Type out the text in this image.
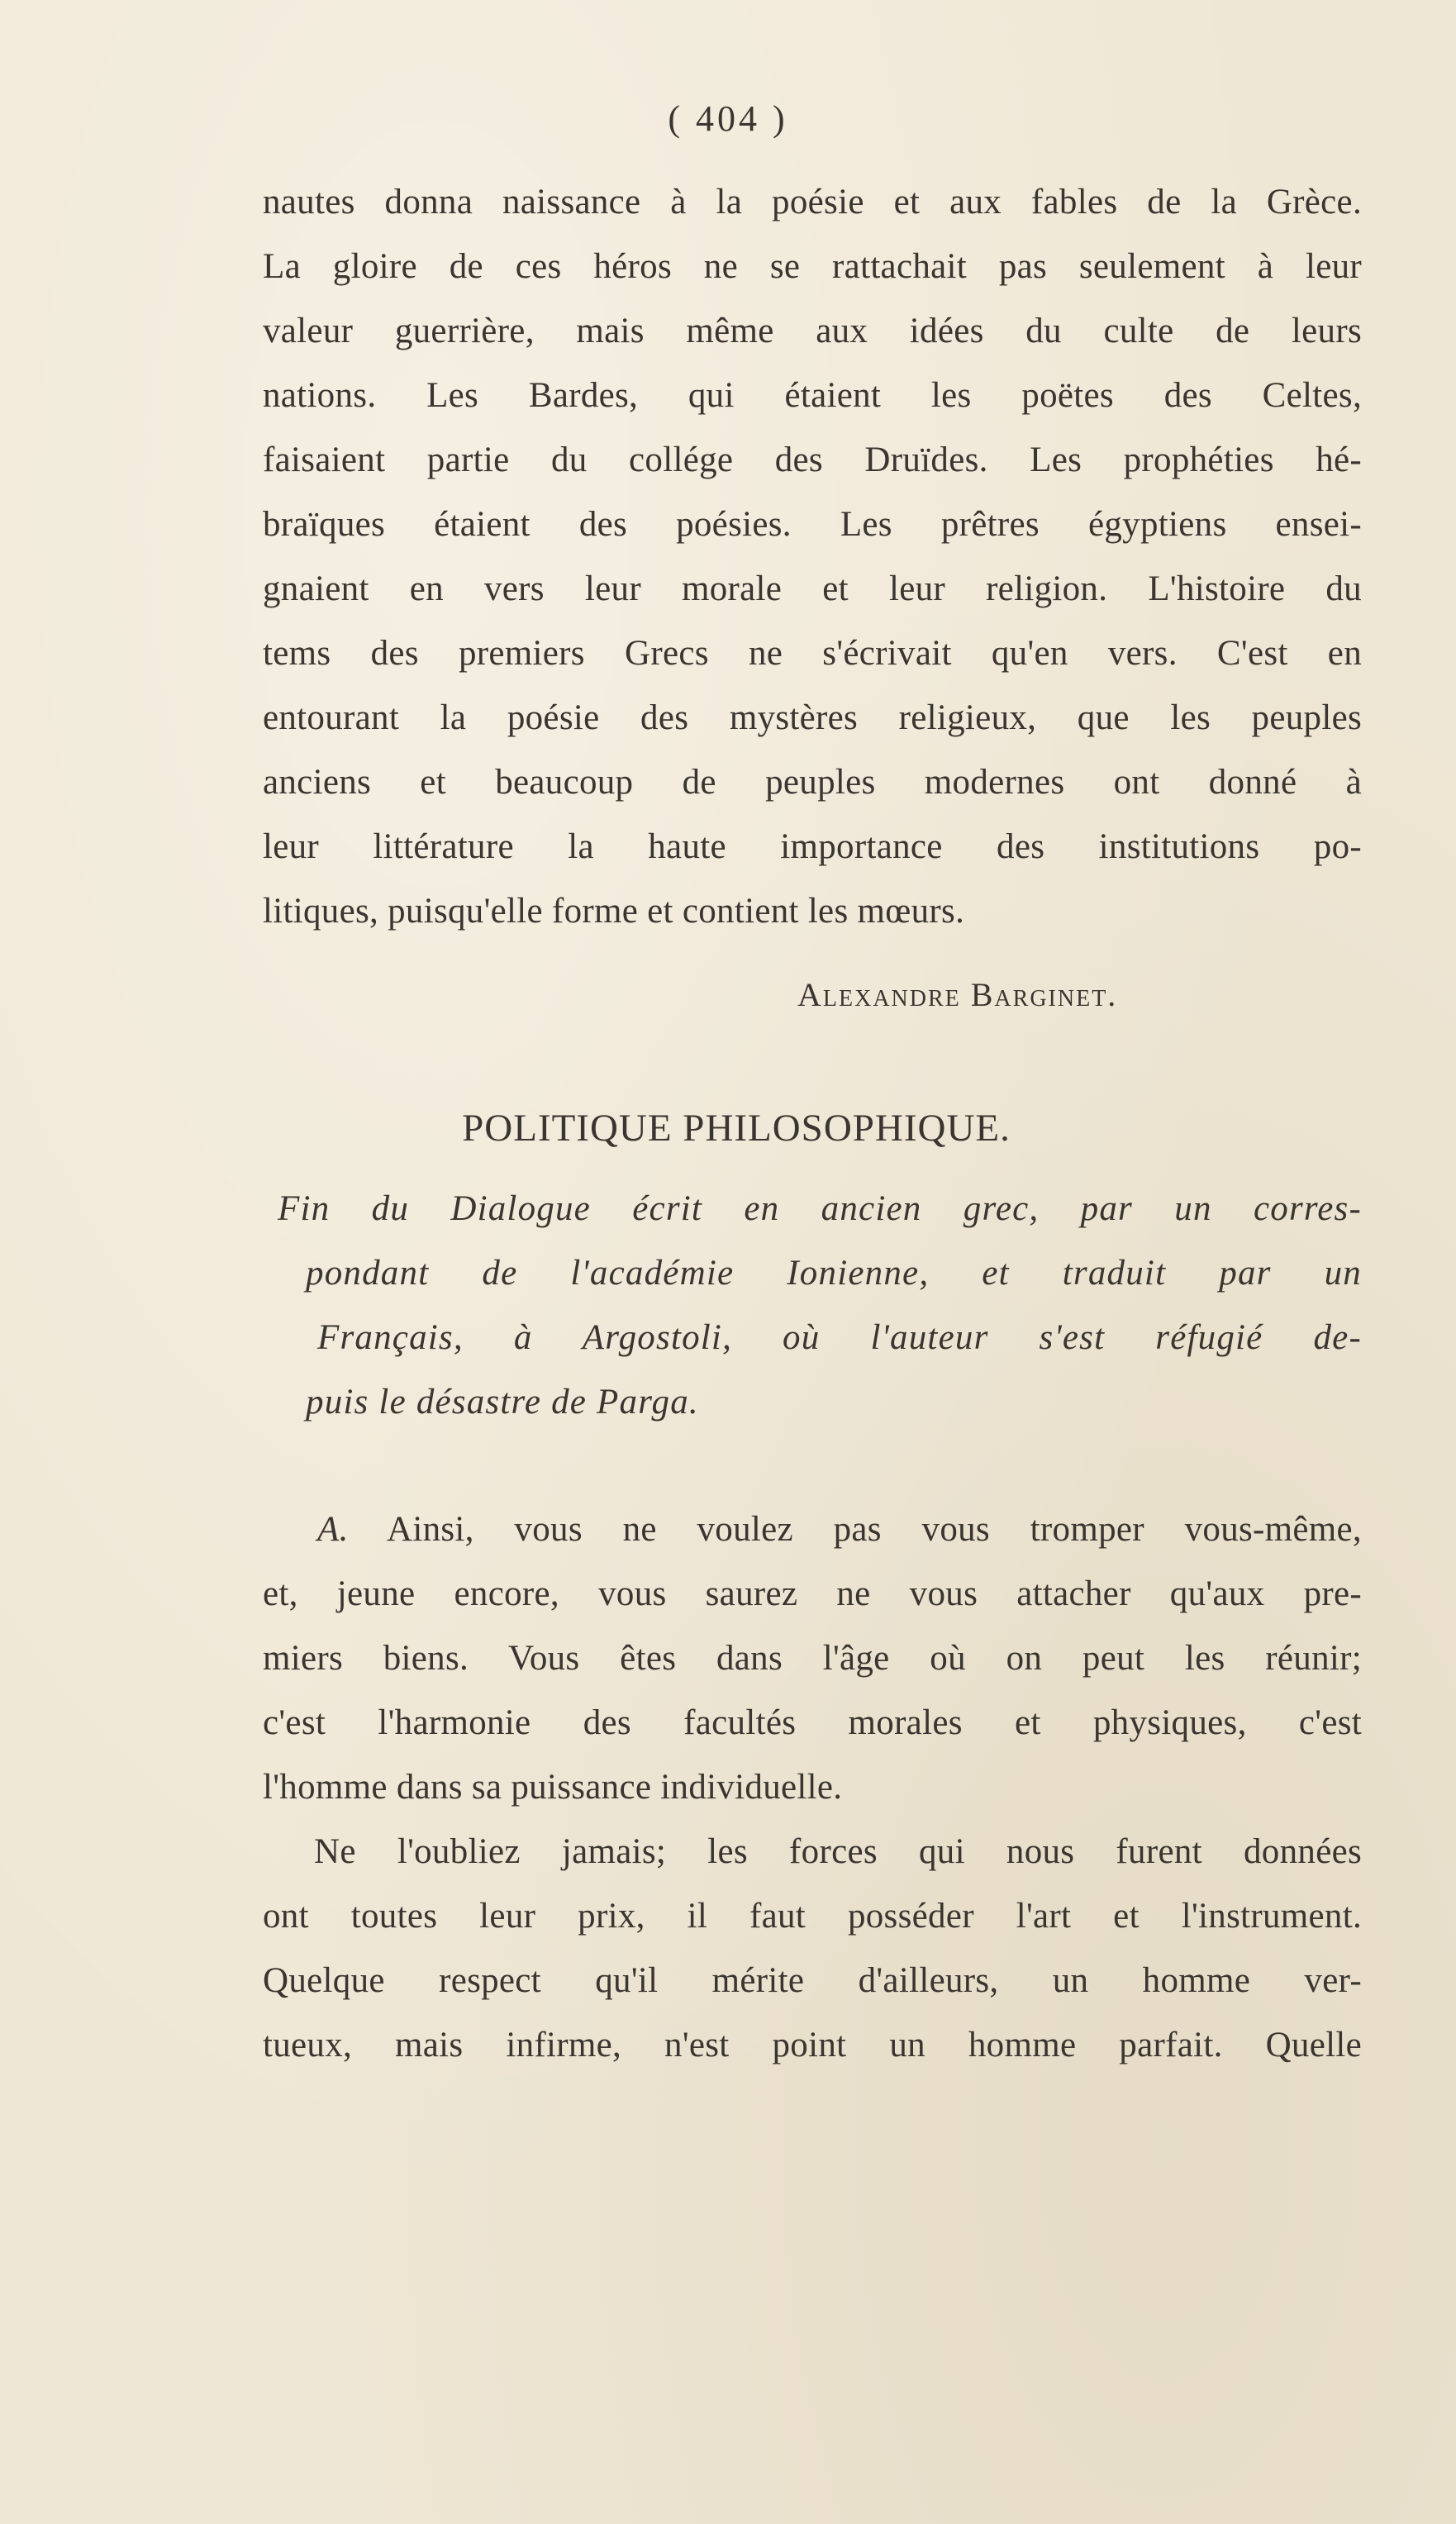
( 404 )
nautes donna naissance à la poésie et aux fables de la Grèce.
La gloire de ces héros ne se rattachait pas seulement à leur
valeur guerrière, mais même aux idées du culte de leurs
nations. Les Bardes, qui étaient les poëtes des Celtes,
faisaient partie du collége des Druïdes. Les prophéties hé-
braïques étaient des poésies. Les prêtres égyptiens ensei-
gnaient en vers leur morale et leur religion. L'histoire du
tems des premiers Grecs ne s'écrivait qu'en vers. C'est en
entourant la poésie des mystères religieux, que les peuples
anciens et beaucoup de peuples modernes ont donné à
leur littérature la haute importance des institutions po-
litiques, puisqu'elle forme et contient les mœurs.
Alexandre Barginet.
POLITIQUE PHILOSOPHIQUE.
Fin du Dialogue écrit en ancien grec, par un corres-
pondant de l'académie Ionienne, et traduit par un
Français, à Argostoli, où l'auteur s'est réfugié de-
puis le désastre de Parga.
A. Ainsi, vous ne voulez pas vous tromper vous-même,
et, jeune encore, vous saurez ne vous attacher qu'aux pre-
miers biens. Vous êtes dans l'âge où on peut les réunir;
c'est l'harmonie des facultés morales et physiques, c'est
l'homme dans sa puissance individuelle.
Ne l'oubliez jamais; les forces qui nous furent données
ont toutes leur prix, il faut posséder l'art et l'instrument.
Quelque respect qu'il mérite d'ailleurs, un homme ver-
tueux, mais infirme, n'est point un homme parfait. Quelle
